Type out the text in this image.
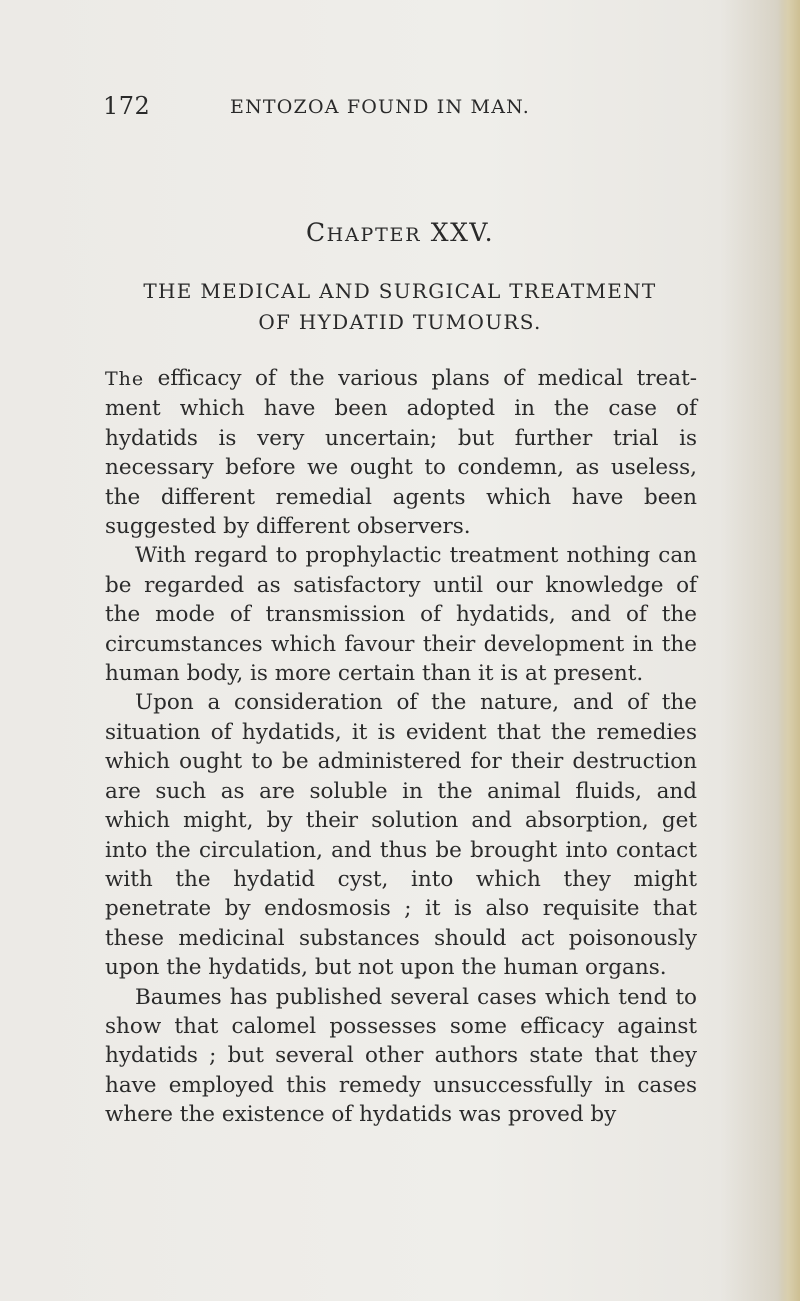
172	ENTOZOA FOUND IN MAN.
CHAPTER XXV.
THE MEDICAL AND SURGICAL TREATMENT OF HYDATID TUMOURS.

The efficacy of the various plans of medical treat-ment which have been adopted in the case of hydatids is very uncertain; but further trial is necessary before we ought to condemn, as useless, the different remedial agents which have been suggested by different observers.

With regard to prophylactic treatment nothing can be regarded as satisfactory until our knowledge of the mode of transmission of hydatids, and of the circumstances which favour their development in the human body, is more certain than it is at present.

Upon a consideration of the nature, and of the situation of hydatids, it is evident that the remedies which ought to be administered for their destruction are such as are soluble in the animal fluids, and which might, by their solution and absorption, get into the circulation, and thus be brought into contact with the hydatid cyst, into which they might penetrate by endosmosis ; it is also requisite that these medicinal substances should act poisonously upon the hydatids, but not upon the human organs.

Baumes has published several cases which tend to show that calomel possesses some efficacy against hydatids ; but several other authors state that they have employed this remedy unsuccessfully in cases where the existence of hydatids was proved by
